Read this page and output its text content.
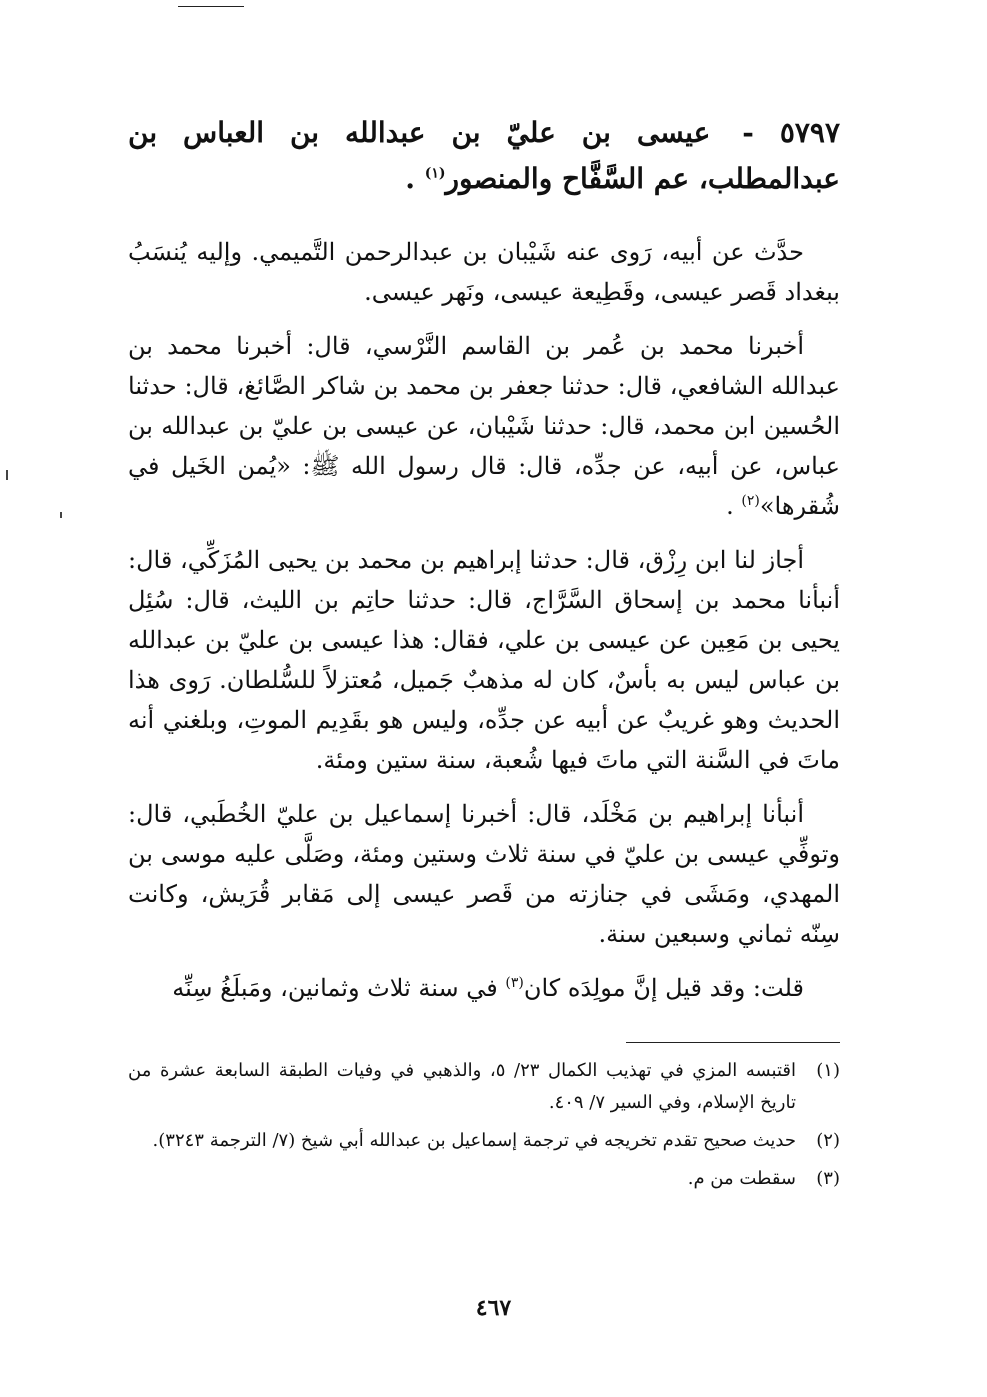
٥٧٩٧ - عيسى بن عليّ بن عبدالله بن العباس بن عبدالمطلب، عم السَّفَّاح والمنصور$^{(١)}$ .

حدَّث عن أبيه، رَوى عنه شَيْبان بن عبدالرحمن التَّميمي. وإليه يُنسَبُ ببغداد قَصر عيسى، وقَطِيعة عيسى، ونَهر عيسى.

أخبرنا محمد بن عُمر بن القاسم النَّرْسي، قال: أخبرنا محمد بن عبدالله الشافعي، قال: حدثنا جعفر بن محمد بن شاكر الصَّائغ، قال: حدثنا الحُسين ابن محمد، قال: حدثنا شَيْبان، عن عيسى بن عليّ بن عبدالله بن عباس، عن أبيه، عن جدِّه، قال: قال رسول الله ﷺ: «يُمن الخَيل في شُقرها»$^{(٢)}$ .

أجاز لنا ابن رِزْق، قال: حدثنا إبراهيم بن محمد بن يحيى المُزَكِّي، قال: أنبأنا محمد بن إسحاق السَّرَّاج، قال: حدثنا حاتِم بن الليث، قال: سُئِل يحيى بن مَعِين عن عيسى بن علي، فقال: هذا عيسى بن عليّ بن عبدالله بن عباس ليس به بأسٌ، كان له مذهبٌ جَميل، مُعتزلاً للسُّلطان. رَوى هذا الحديث وهو غريبٌ عن أبيه عن جدِّه، وليس هو بقَدِيم الموتِ، وبلغني أنه ماتَ في السَّنة التي ماتَ فيها شُعبة، سنة ستين ومئة.

أنبأنا إبراهيم بن مَخْلَد، قال: أخبرنا إسماعيل بن عليّ الخُطَبي، قال: وتوفِّي عيسى بن عليّ في سنة ثلاث وستين ومئة، وصَلَّى عليه موسى بن المهدي، ومَشَى في جنازته من قَصر عيسى إلى مَقابر قُرَيش، وكانت سِنّه ثماني وسبعين سنة.

قلت: وقد قيل إنَّ مولِدَه كان$^{(٣)}$ في سنة ثلاث وثمانين، ومَبلَغُ سِنِّه

(١)
اقتبسه المزي في تهذيب الكمال ٢٣/ ٥، والذهبي في وفيات الطبقة السابعة عشرة من تاريخ الإسلام، وفي السير ٧/ ٤٠٩.
(٢)
حديث صحيح تقدم تخريجه في ترجمة إسماعيل بن عبدالله أبي شيخ (٧/ الترجمة ٣٢٤٣).
(٣)
سقطت من م.
٤٦٧
